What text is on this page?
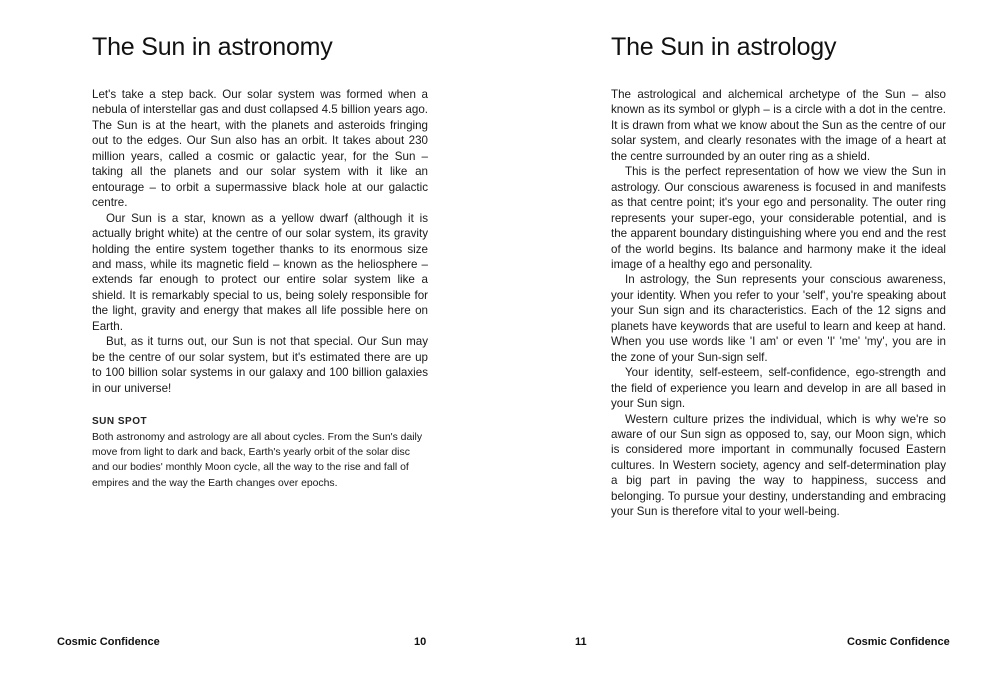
The Sun in astronomy

Let's take a step back. Our solar system was formed when a nebula of interstellar gas and dust collapsed 4.5 billion years ago. The Sun is at the heart, with the planets and asteroids fringing out to the edges. Our Sun also has an orbit. It takes about 230 million years, called a cosmic or galactic year, for the Sun – taking all the planets and our solar system with it like an entourage – to orbit a supermassive black hole at our galactic centre.

Our Sun is a star, known as a yellow dwarf (although it is actually bright white) at the centre of our solar system, its gravity holding the entire system together thanks to its enormous size and mass, while its magnetic field – known as the heliosphere – extends far enough to protect our entire solar system like a shield. It is remarkably special to us, being solely responsible for the light, gravity and energy that makes all life possible here on Earth.

But, as it turns out, our Sun is not that special. Our Sun may be the centre of our solar system, but it's estimated there are up to 100 billion solar systems in our galaxy and 100 billion galaxies in our universe!

SUN SPOT

Both astronomy and astrology are all about cycles. From the Sun's daily move from light to dark and back, Earth's yearly orbit of the solar disc and our bodies' monthly Moon cycle, all the way to the rise and fall of empires and the way the Earth changes over epochs.

The Sun in astrology

The astrological and alchemical archetype of the Sun – also known as its symbol or glyph – is a circle with a dot in the centre. It is drawn from what we know about the Sun as the centre of our solar system, and clearly resonates with the image of a heart at the centre surrounded by an outer ring as a shield.

This is the perfect representation of how we view the Sun in astrology. Our conscious awareness is focused in and manifests as that centre point; it's your ego and personality. The outer ring represents your super-ego, your considerable potential, and is the apparent boundary distinguishing where you end and the rest of the world begins. Its balance and harmony make it the ideal image of a healthy ego and personality.

In astrology, the Sun represents your conscious awareness, your identity. When you refer to your 'self', you're speaking about your Sun sign and its characteristics. Each of the 12 signs and planets have keywords that are useful to learn and keep at hand. When you use words like 'I am' or even 'I' 'me' 'my', you are in the zone of your Sun-sign self.

Your identity, self-esteem, self-confidence, ego-strength and the field of experience you learn and develop in are all based in your Sun sign.

Western culture prizes the individual, which is why we're so aware of our Sun sign as opposed to, say, our Moon sign, which is considered more important in communally focused Eastern cultures. In Western society, agency and self-determination play a big part in paving the way to happiness, success and belonging. To pursue your destiny, understanding and embracing your Sun is therefore vital to your well-being.

Cosmic Confidence	10	11	Cosmic Confidence
